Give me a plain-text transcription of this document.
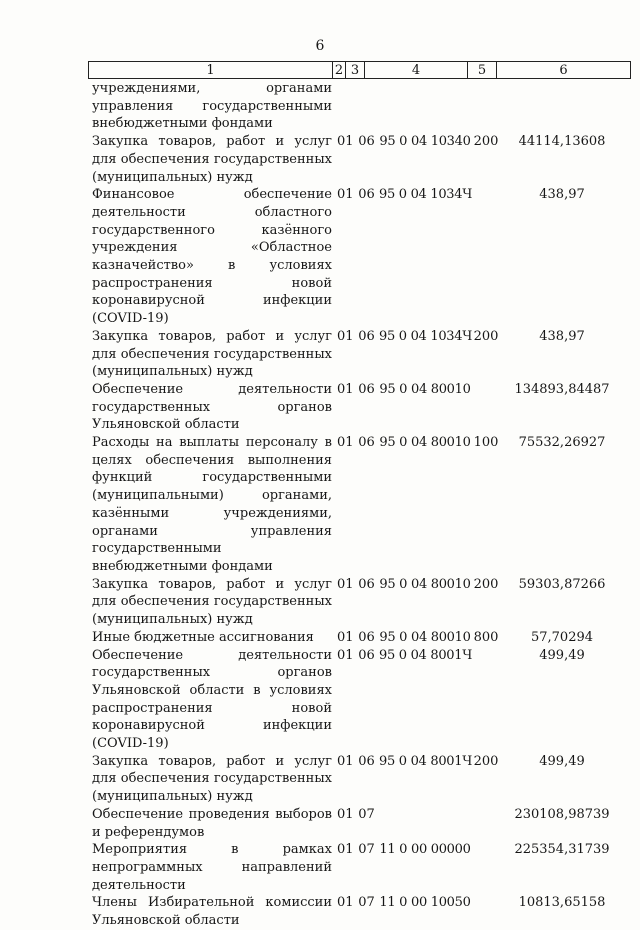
6
1	2	3	4	5	6
учреждениями, органами управления государственными внебюджетными фондами
Закупка товаров, работ и услуг для обеспечения государственных (муниципальных) нужд
01 06 95 0 04 10340 200	44114,13608
Финансовое обеспечение деятельности областного государственного казённого учреждения «Областное казначейство» в условиях распространения новой коронавирусной инфекции (COVID-19)
01 06 95 0 04 1034Ч	438,97
Закупка товаров, работ и услуг для обеспечения государственных (муниципальных) нужд
01 06 95 0 04 1034Ч 200	438,97
Обеспечение деятельности государственных органов Ульяновской области
01 06 95 0 04 80010	134893,84487
Расходы на выплаты персоналу в целях обеспечения выполнения функций государственными (муниципальными) органами, казёнными учреждениями, органами управления государственными внебюджетными фондами
01 06 95 0 04 80010 100	75532,26927
Закупка товаров, работ и услуг для обеспечения государственных (муниципальных) нужд
01 06 95 0 04 80010 200	59303,87266
Иные бюджетные ассигнования	01 06 95 0 04 80010 800	57,70294
Обеспечение деятельности государственных органов Ульяновской области в условиях распространения новой коронавирусной инфекции (COVID-19)
01 06 95 0 04 8001Ч	499,49
Закупка товаров, работ и услуг для обеспечения государственных (муниципальных) нужд
01 06 95 0 04 8001Ч 200	499,49
Обеспечение проведения выборов и референдумов
01 07	230108,98739
Мероприятия в рамках непрограммных направлений деятельности
01 07 11 0 00 00000	225354,31739
Члены Избирательной комиссии Ульяновской области
01 07 11 0 00 10050	10813,65158
